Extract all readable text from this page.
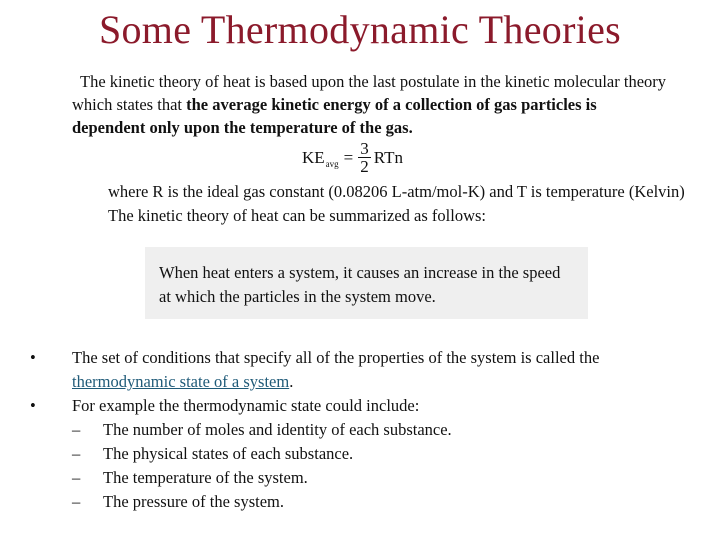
Some Thermodynamic Theories
The kinetic theory of heat is based upon the last postulate in the kinetic molecular theory which states that the average kinetic energy of a collection of gas particles is dependent only upon the temperature of the gas.
KE avg = $\frac{3}{2}$ RTn
where R is the ideal gas constant (0.08206 L-atm/mol-K) and T is temperature (Kelvin) The kinetic theory of heat can be summarized as follows:
When heat enters a system, it causes an increase in the speed at which the particles in the system move.
• The set of conditions that specify all of the properties of the system is called the thermodynamic state of a system.
• For example the thermodynamic state could include:
– The number of moles and identity of each substance.
– The physical states of each substance.
– The temperature of the system.
– The pressure of the system.
